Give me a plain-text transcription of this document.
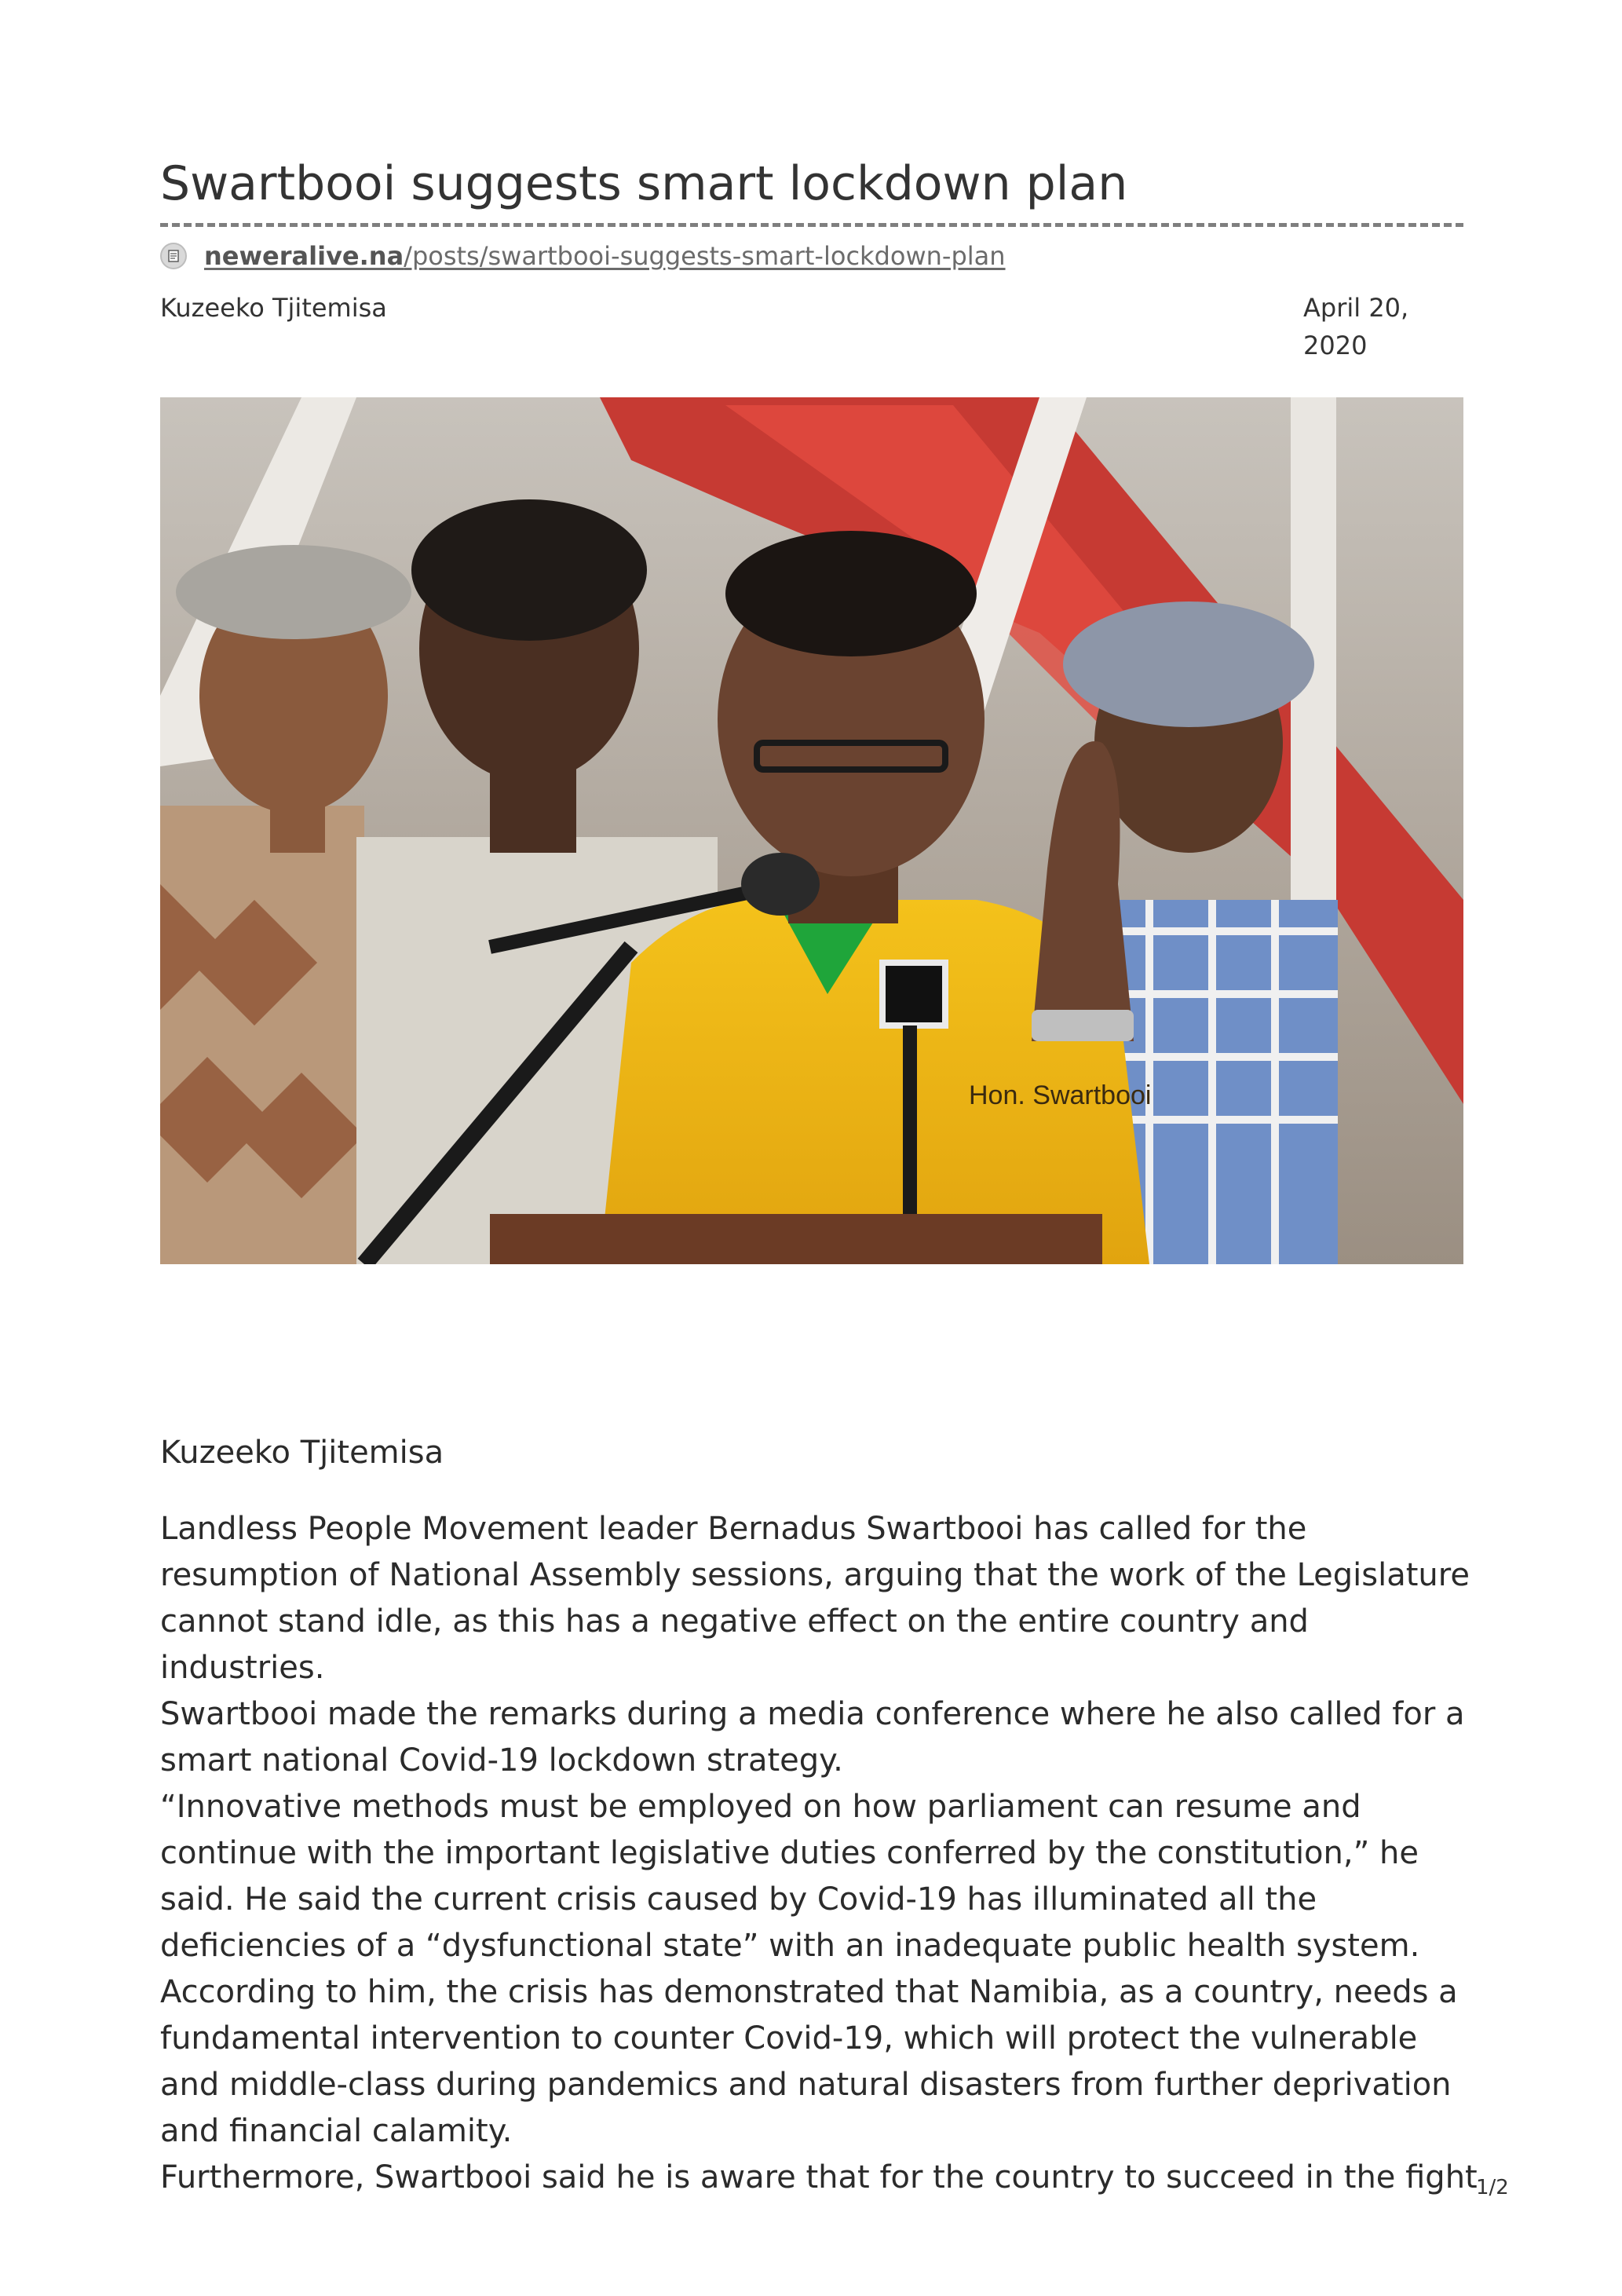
Swartbooi suggests smart lockdown plan
neweralive.na/posts/swartbooi-suggests-smart-lockdown-plan
Kuzeeko Tjitemisa	April 20, 2020
Hon. Swartbooi
Kuzeeko Tjitemisa

Landless People Movement leader Bernadus Swartbooi has called for the resumption of National Assembly sessions, arguing that the work of the Legislature cannot stand idle, as this has a negative effect on the entire country and industries.

Swartbooi made the remarks during a media conference where he also called for a smart national Covid-19 lockdown strategy.

“Innovative methods must be employed on how parliament can resume and continue with the important legislative duties conferred by the constitution,” he said. He said the current crisis caused by Covid-19 has illuminated all the deficiencies of a “dysfunctional state” with an inadequate public health system.

According to him, the crisis has demonstrated that Namibia, as a country, needs a fundamental intervention to counter Covid-19, which will protect the vulnerable and middle-class during pandemics and natural disasters from further deprivation and financial calamity.

Furthermore, Swartbooi said he is aware that for the country to succeed in the fight

1/2
